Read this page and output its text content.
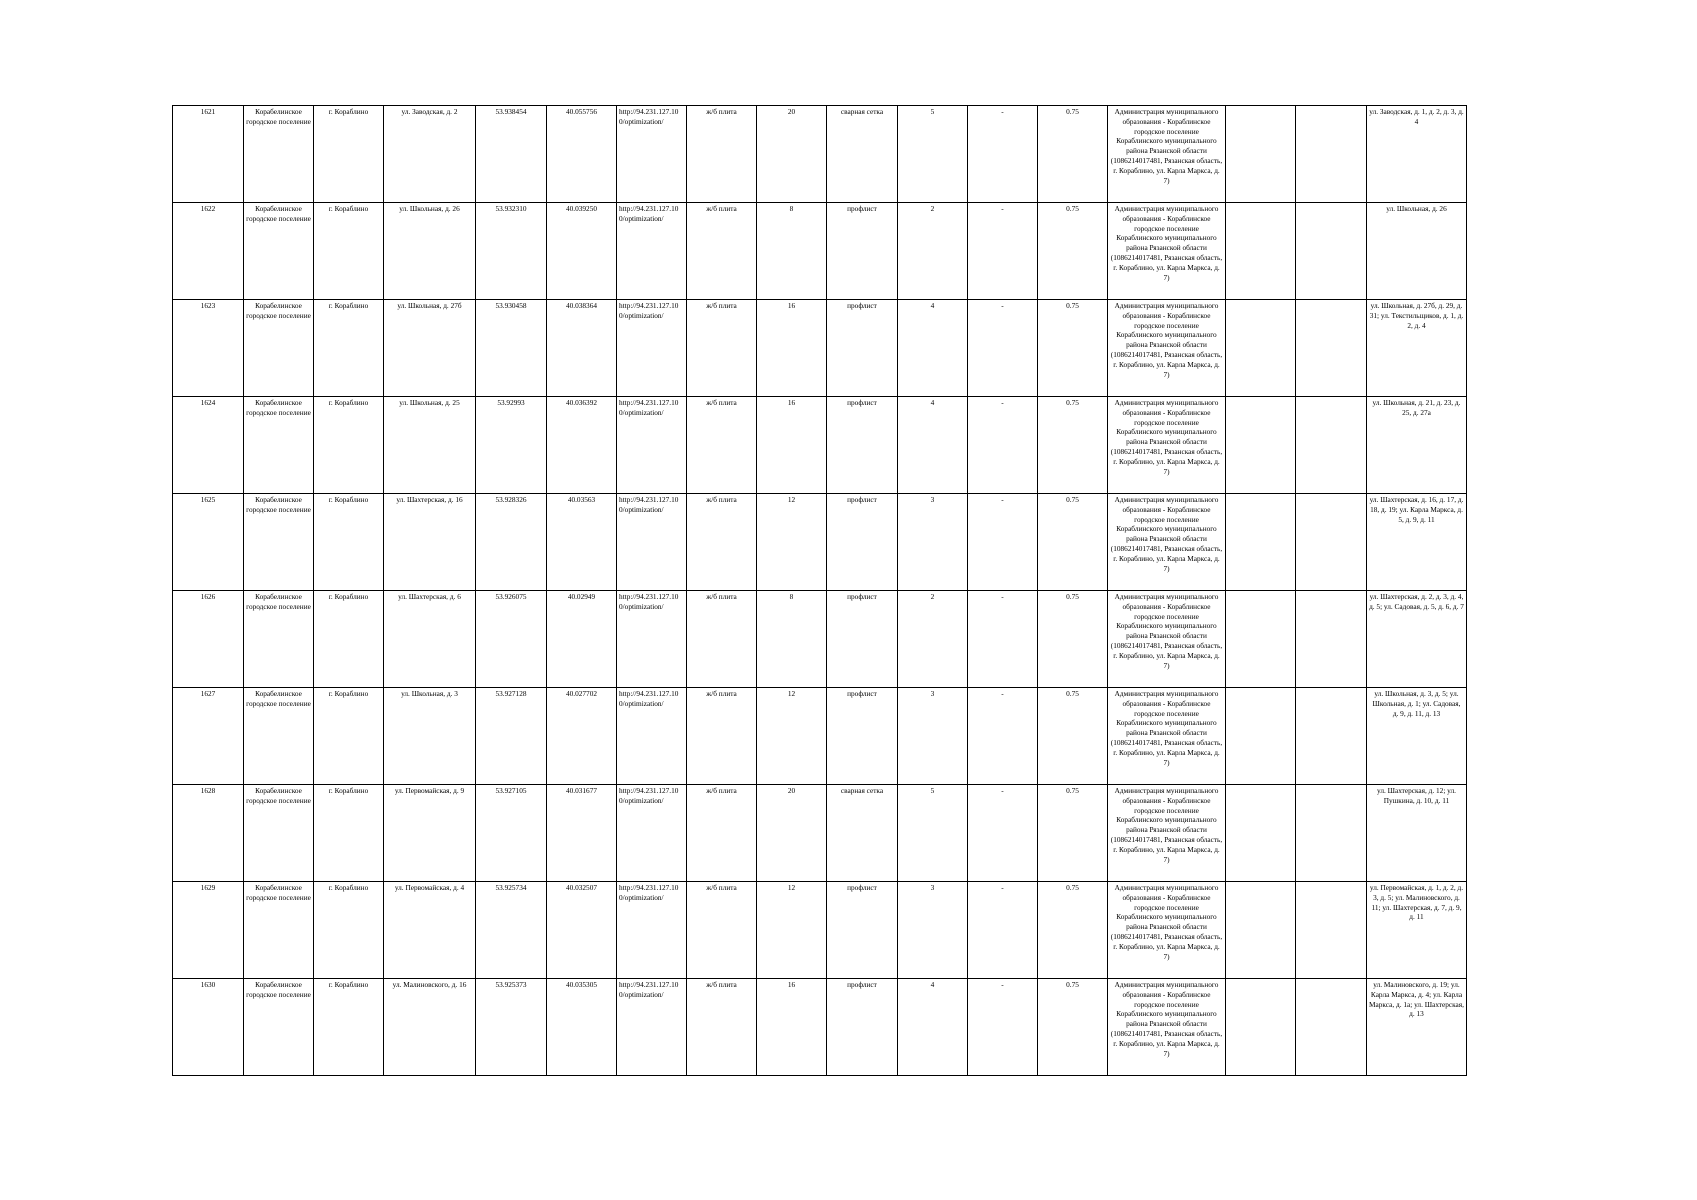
1621	Корабелинское городское поселение	г. Кораблино	ул. Заводская, д. 2	53.938454	40.055756	http://94.231.127.10 0/optimization/	ж/б плита	20	сварная сетка	5	-	0.75	Администрация муниципального образования - Кораблинское городское поселение Кораблинского муниципального района Рязанской области (1086214017481, Рязанская область, г. Кораблино, ул. Карла Маркса, д. 7)			ул. Заводская, д. 1, д. 2, д. 3, д. 4
1622	Корабелинское городское поселение	г. Кораблино	ул. Школьная, д. 26	53.932310	40.039250	http://94.231.127.10 0/optimization/	ж/б плита	8	профлист	2	-	0.75	Администрация муниципального образования - Кораблинское городское поселение Кораблинского муниципального района Рязанской области (1086214017481, Рязанская область, г. Кораблино, ул. Карла Маркса, д. 7)			ул. Школьная, д. 26
1623	Корабелинское городское поселение	г. Кораблино	ул. Школьная, д. 27б	53.930458	40.038364	http://94.231.127.10 0/optimization/	ж/б плита	16	профлист	4	-	0.75	Администрация муниципального образования - Кораблинское городское поселение Кораблинского муниципального района Рязанской области (1086214017481, Рязанская область, г. Кораблино, ул. Карла Маркса, д. 7)			ул. Школьная, д. 27б, д. 29, д. 31; ул. Текстильщиков, д. 1, д. 2, д. 4
1624	Корабелинское городское поселение	г. Кораблино	ул. Школьная, д. 25	53.92993	40.036392	http://94.231.127.10 0/optimization/	ж/б плита	16	профлист	4	-	0.75	Администрация муниципального образования - Кораблинское городское поселение Кораблинского муниципального района Рязанской области (1086214017481, Рязанская область, г. Кораблино, ул. Карла Маркса, д. 7)			ул. Школьная, д. 21, д. 23, д. 25, д. 27а
1625	Корабелинское городское поселение	г. Кораблино	ул. Шахтерская, д. 16	53.928326	40.03563	http://94.231.127.10 0/optimization/	ж/б плита	12	профлист	3	-	0.75	Администрация муниципального образования - Кораблинское городское поселение Кораблинского муниципального района Рязанской области (1086214017481, Рязанская область, г. Кораблино, ул. Карла Маркса, д. 7)			ул. Шахтерская, д. 16, д. 17, д. 18, д. 19; ул. Карла Маркса, д. 5, д. 9, д. 11
1626	Корабелинское городское поселение	г. Кораблино	ул. Шахтерская, д. 6	53.926075	40.02949	http://94.231.127.10 0/optimization/	ж/б плита	8	профлист	2	-	0.75	Администрация муниципального образования - Кораблинское городское поселение Кораблинского муниципального района Рязанской области (1086214017481, Рязанская область, г. Кораблино, ул. Карла Маркса, д. 7)			ул. Шахтерская, д. 2, д. 3, д. 4, д. 5; ул. Садовая, д. 5, д. 6, д. 7
1627	Корабелинское городское поселение	г. Кораблино	ул. Школьная, д. 3	53.927128	40.027702	http://94.231.127.10 0/optimization/	ж/б плита	12	профлист	3	-	0.75	Администрация муниципального образования - Кораблинское городское поселение Кораблинского муниципального района Рязанской области (1086214017481, Рязанская область, г. Кораблино, ул. Карла Маркса, д. 7)			ул. Школьная, д. 3, д. 5; ул. Школьная, д. 1; ул. Садовая, д. 9, д. 11, д. 13
1628	Корабелинское городское поселение	г. Кораблино	ул. Первомайская, д. 9	53.927105	40.031677	http://94.231.127.10 0/optimization/	ж/б плита	20	сварная сетка	5	-	0.75	Администрация муниципального образования - Кораблинское городское поселение Кораблинского муниципального района Рязанской области (1086214017481, Рязанская область, г. Кораблино, ул. Карла Маркса, д. 7)			ул. Шахтерская, д. 12; ул. Пушкина, д. 10, д. 11
1629	Корабелинское городское поселение	г. Кораблино	ул. Первомайская, д. 4	53.925734	40.032507	http://94.231.127.10 0/optimization/	ж/б плита	12	профлист	3	-	0.75	Администрация муниципального образования - Кораблинское городское поселение Кораблинского муниципального района Рязанской области (1086214017481, Рязанская область, г. Кораблино, ул. Карла Маркса, д. 7)			ул. Первомайская, д. 1, д. 2, д. 3, д. 5; ул. Малиновского, д. 11; ул. Шахтерская, д. 7, д. 9, д. 11
1630	Корабелинское городское поселение	г. Кораблино	ул. Малиновского, д. 16	53.925373	40.035305	http://94.231.127.10 0/optimization/	ж/б плита	16	профлист	4	-	0.75	Администрация муниципального образования - Кораблинское городское поселение Кораблинского муниципального района Рязанской области (1086214017481, Рязанская область, г. Кораблино, ул. Карла Маркса, д. 7)			ул. Малиновского, д. 19; ул. Карла Маркса, д. 4; ул. Карла Маркса, д. 1а; ул. Шахтерская, д. 13
